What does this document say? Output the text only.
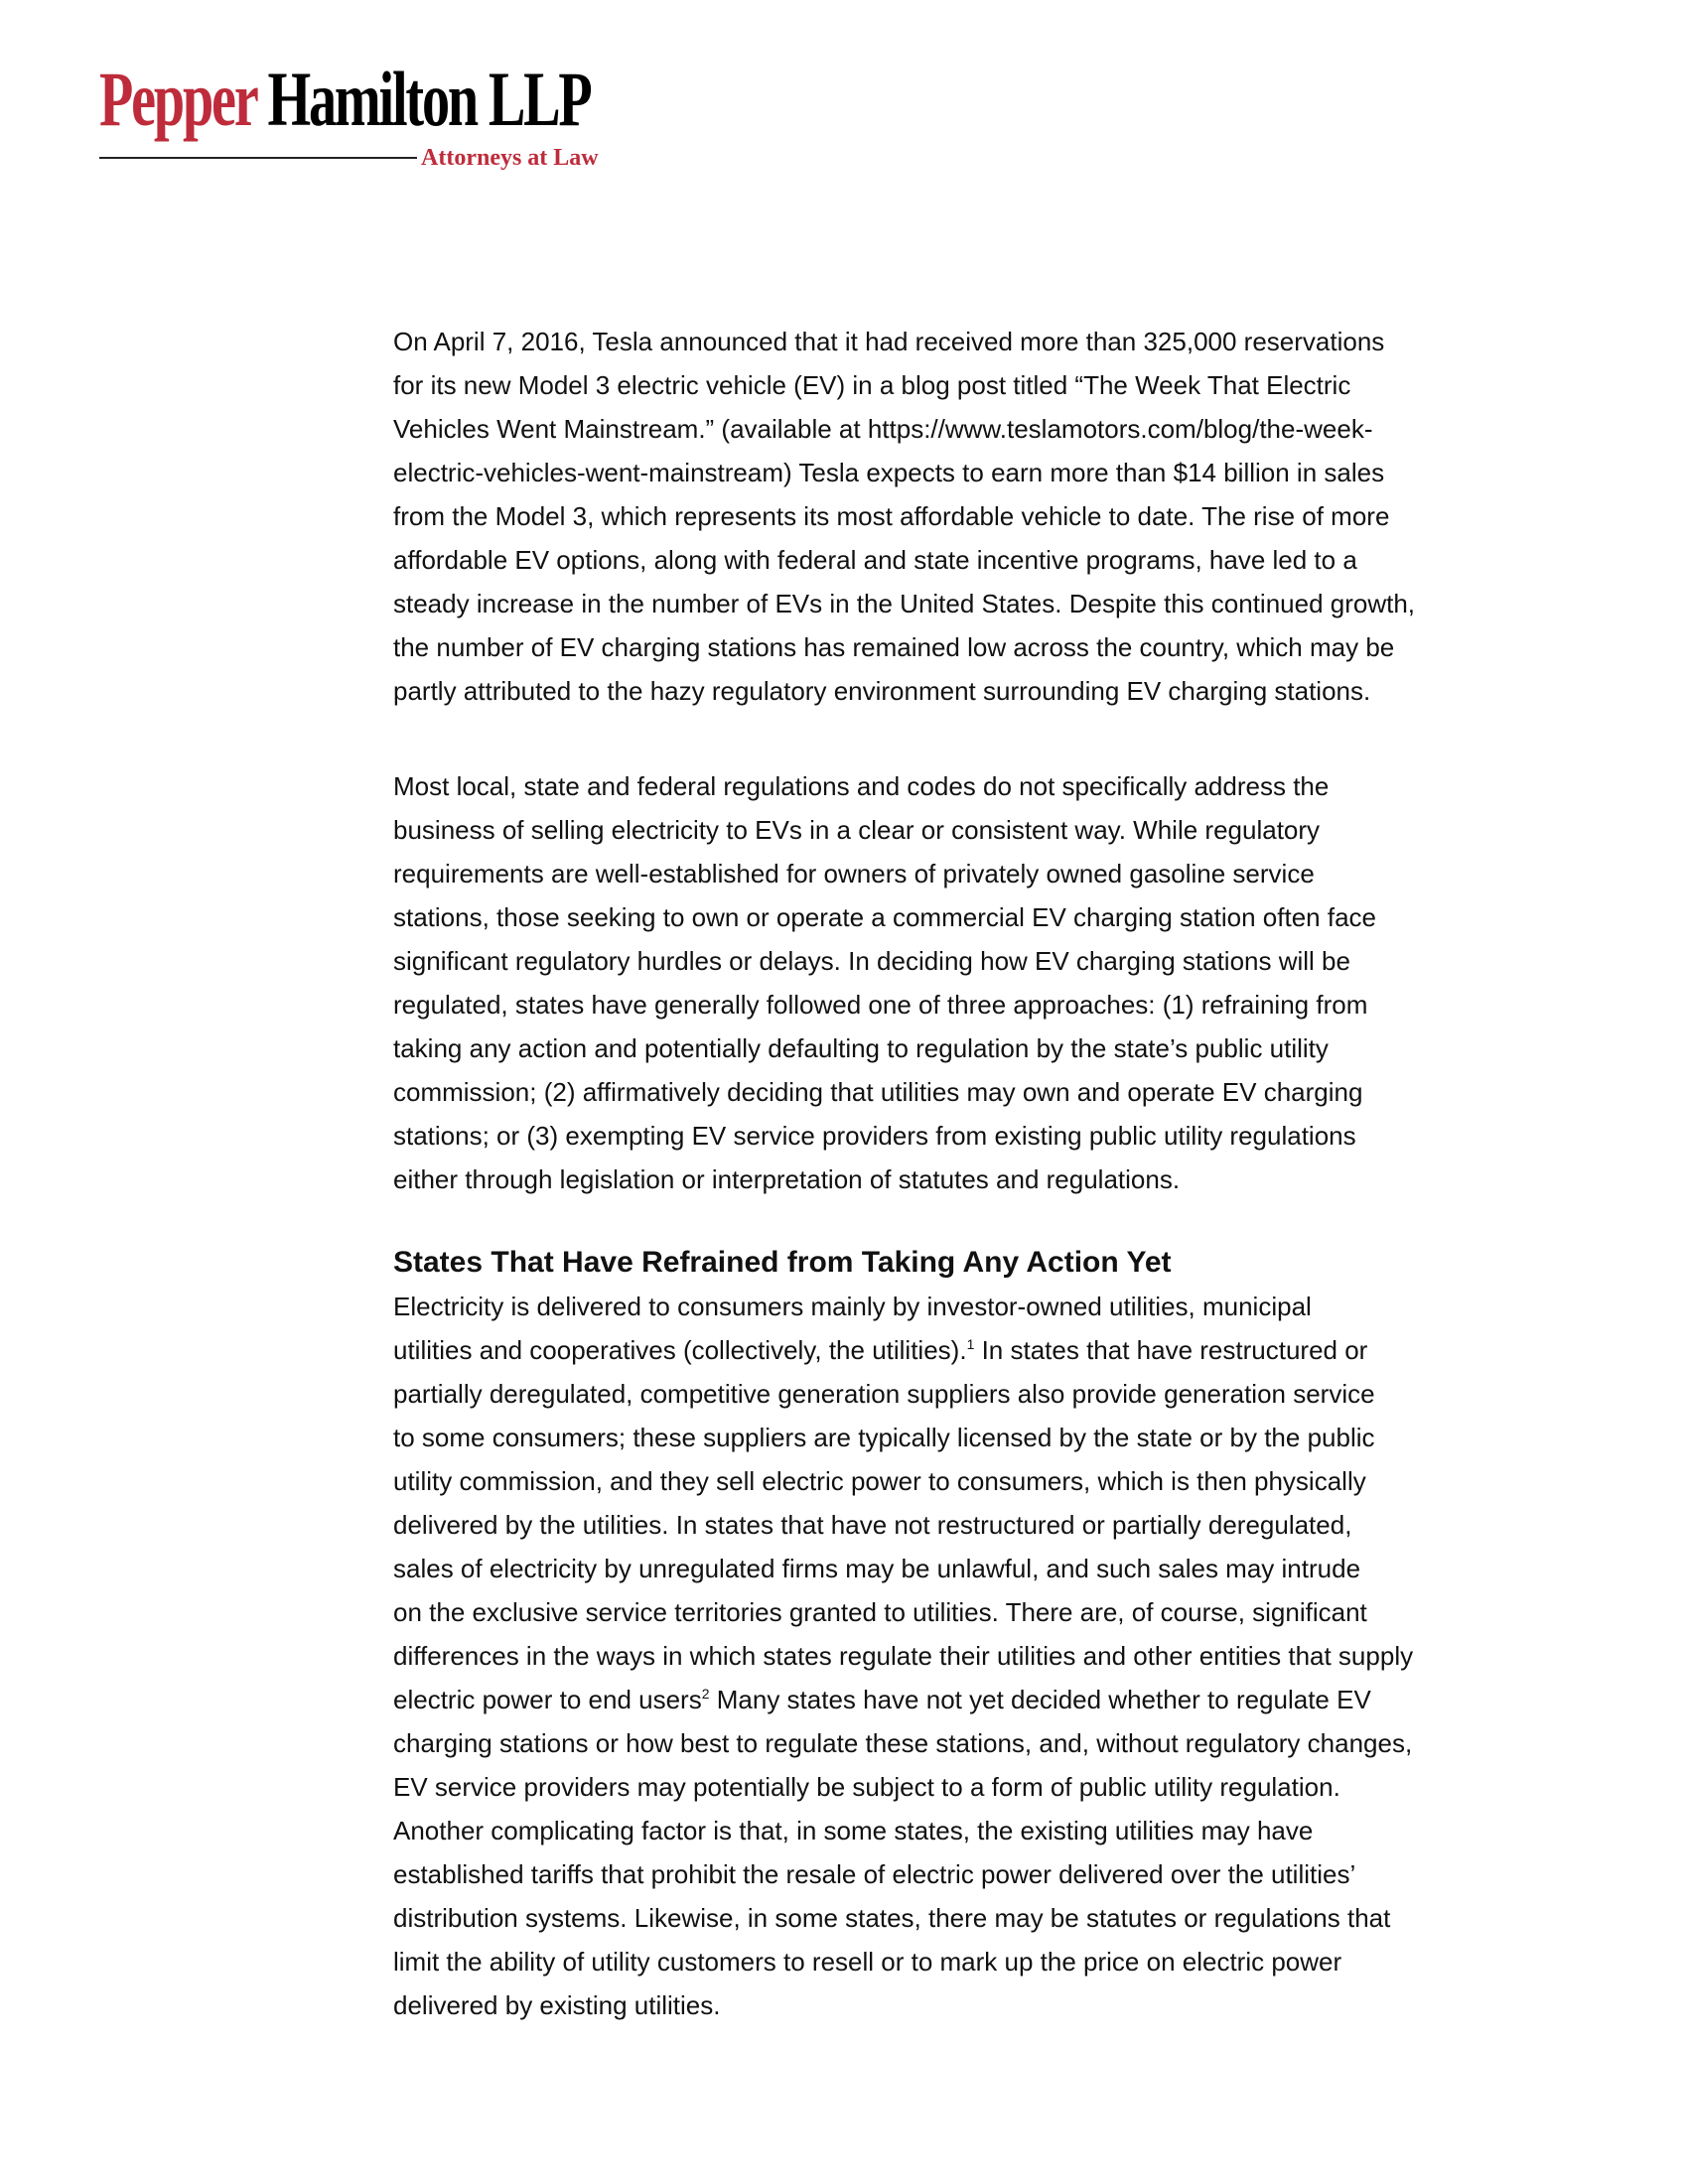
Pepper Hamilton LLP
Attorneys at Law
On April 7, 2016, Tesla announced that it had received more than 325,000 reservations
for its new Model 3 electric vehicle (EV) in a blog post titled “The Week That Electric
Vehicles Went Mainstream.” (available at https://www.teslamotors.com/blog/the-week-
electric-vehicles-went-mainstream) Tesla expects to earn more than $14 billion in sales
from the Model 3, which represents its most affordable vehicle to date. The rise of more
affordable EV options, along with federal and state incentive programs, have led to a
steady increase in the number of EVs in the United States. Despite this continued growth,
the number of EV charging stations has remained low across the country, which may be
partly attributed to the hazy regulatory environment surrounding EV charging stations.
Most local, state and federal regulations and codes do not specifically address the
business of selling electricity to EVs in a clear or consistent way. While regulatory
requirements are well-established for owners of privately owned gasoline service
stations, those seeking to own or operate a commercial EV charging station often face
significant regulatory hurdles or delays. In deciding how EV charging stations will be
regulated, states have generally followed one of three approaches: (1) refraining from
taking any action and potentially defaulting to regulation by the state’s public utility
commission; (2) affirmatively deciding that utilities may own and operate EV charging
stations; or (3) exempting EV service providers from existing public utility regulations
either through legislation or interpretation of statutes and regulations.
States That Have Refrained from Taking Any Action Yet
Electricity is delivered to consumers mainly by investor-owned utilities, municipal
utilities and cooperatives (collectively, the utilities).$^1$ In states that have restructured or
partially deregulated, competitive generation suppliers also provide generation service
to some consumers; these suppliers are typically licensed by the state or by the public
utility commission, and they sell electric power to consumers, which is then physically
delivered by the utilities. In states that have not restructured or partially deregulated,
sales of electricity by unregulated firms may be unlawful, and such sales may intrude
on the exclusive service territories granted to utilities. There are, of course, significant
differences in the ways in which states regulate their utilities and other entities that supply
electric power to end users$^2$ Many states have not yet decided whether to regulate EV
charging stations or how best to regulate these stations, and, without regulatory changes,
EV service providers may potentially be subject to a form of public utility regulation.
Another complicating factor is that, in some states, the existing utilities may have
established tariffs that prohibit the resale of electric power delivered over the utilities’
distribution systems. Likewise, in some states, there may be statutes or regulations that
limit the ability of utility customers to resell or to mark up the price on electric power
delivered by existing utilities.
